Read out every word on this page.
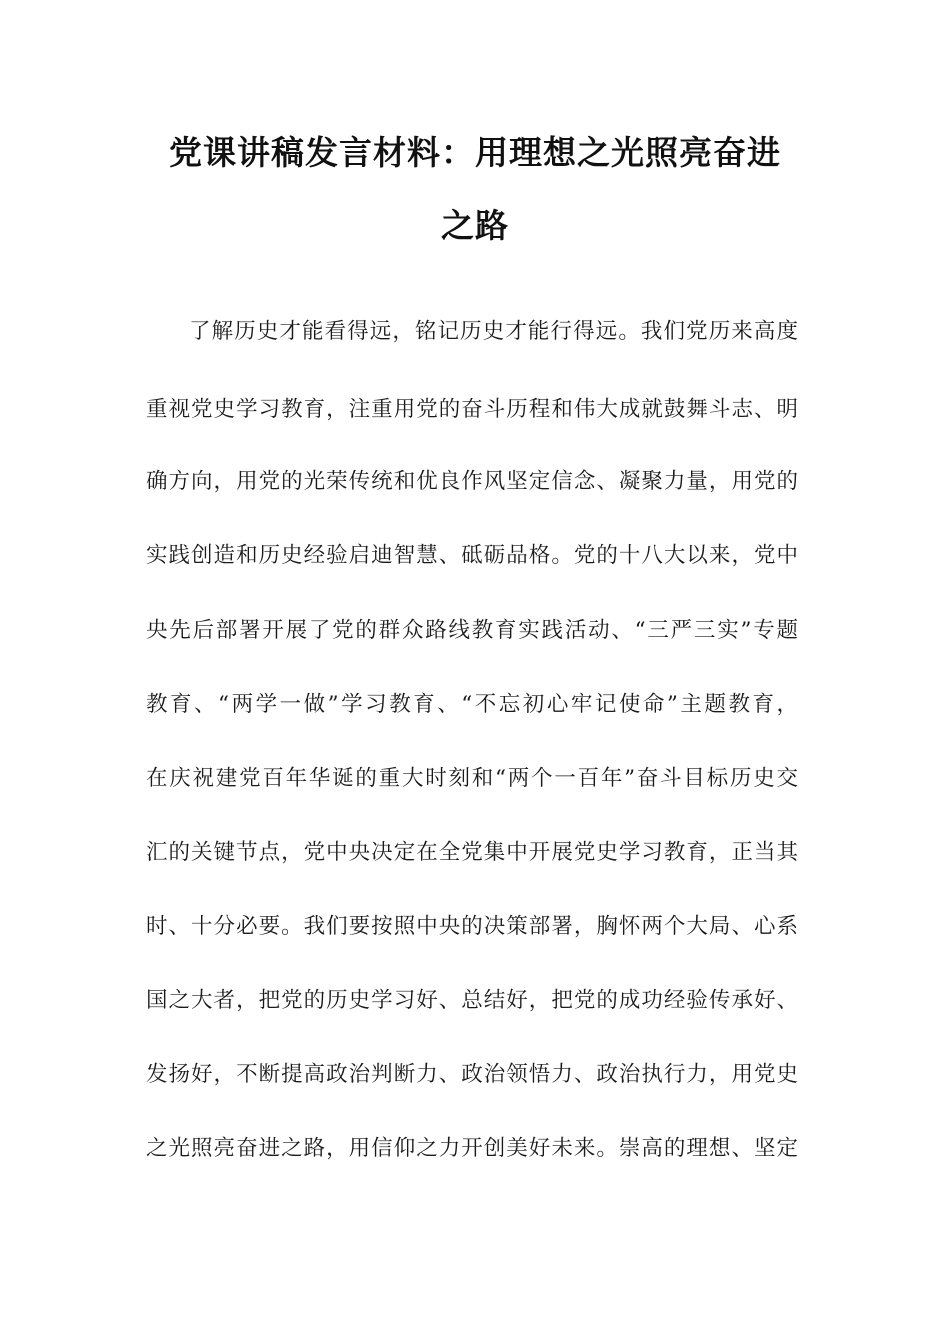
党课讲稿发言材料：用理想之光照亮奋进
之路

了解历史才能看得远，铭记历史才能行得远。我们党历来高度

重视党史学习教育，注重用党的奋斗历程和伟大成就鼓舞斗志、明

确方向，用党的光荣传统和优良作风坚定信念、凝聚力量，用党的

实践创造和历史经验启迪智慧、砥砺品格。党的十八大以来，党中

央先后部署开展了党的群众路线教育实践活动、“三严三实”专题

教育、“两学一做”学习教育、“不忘初心牢记使命”主题教育，

在庆祝建党百年华诞的重大时刻和“两个一百年”奋斗目标历史交

汇的关键节点，党中央决定在全党集中开展党史学习教育，正当其

时、十分必要。我们要按照中央的决策部署，胸怀两个大局、心系

国之大者，把党的历史学习好、总结好，把党的成功经验传承好、

发扬好，不断提高政治判断力、政治领悟力、政治执行力，用党史

之光照亮奋进之路，用信仰之力开创美好未来。崇高的理想、坚定
